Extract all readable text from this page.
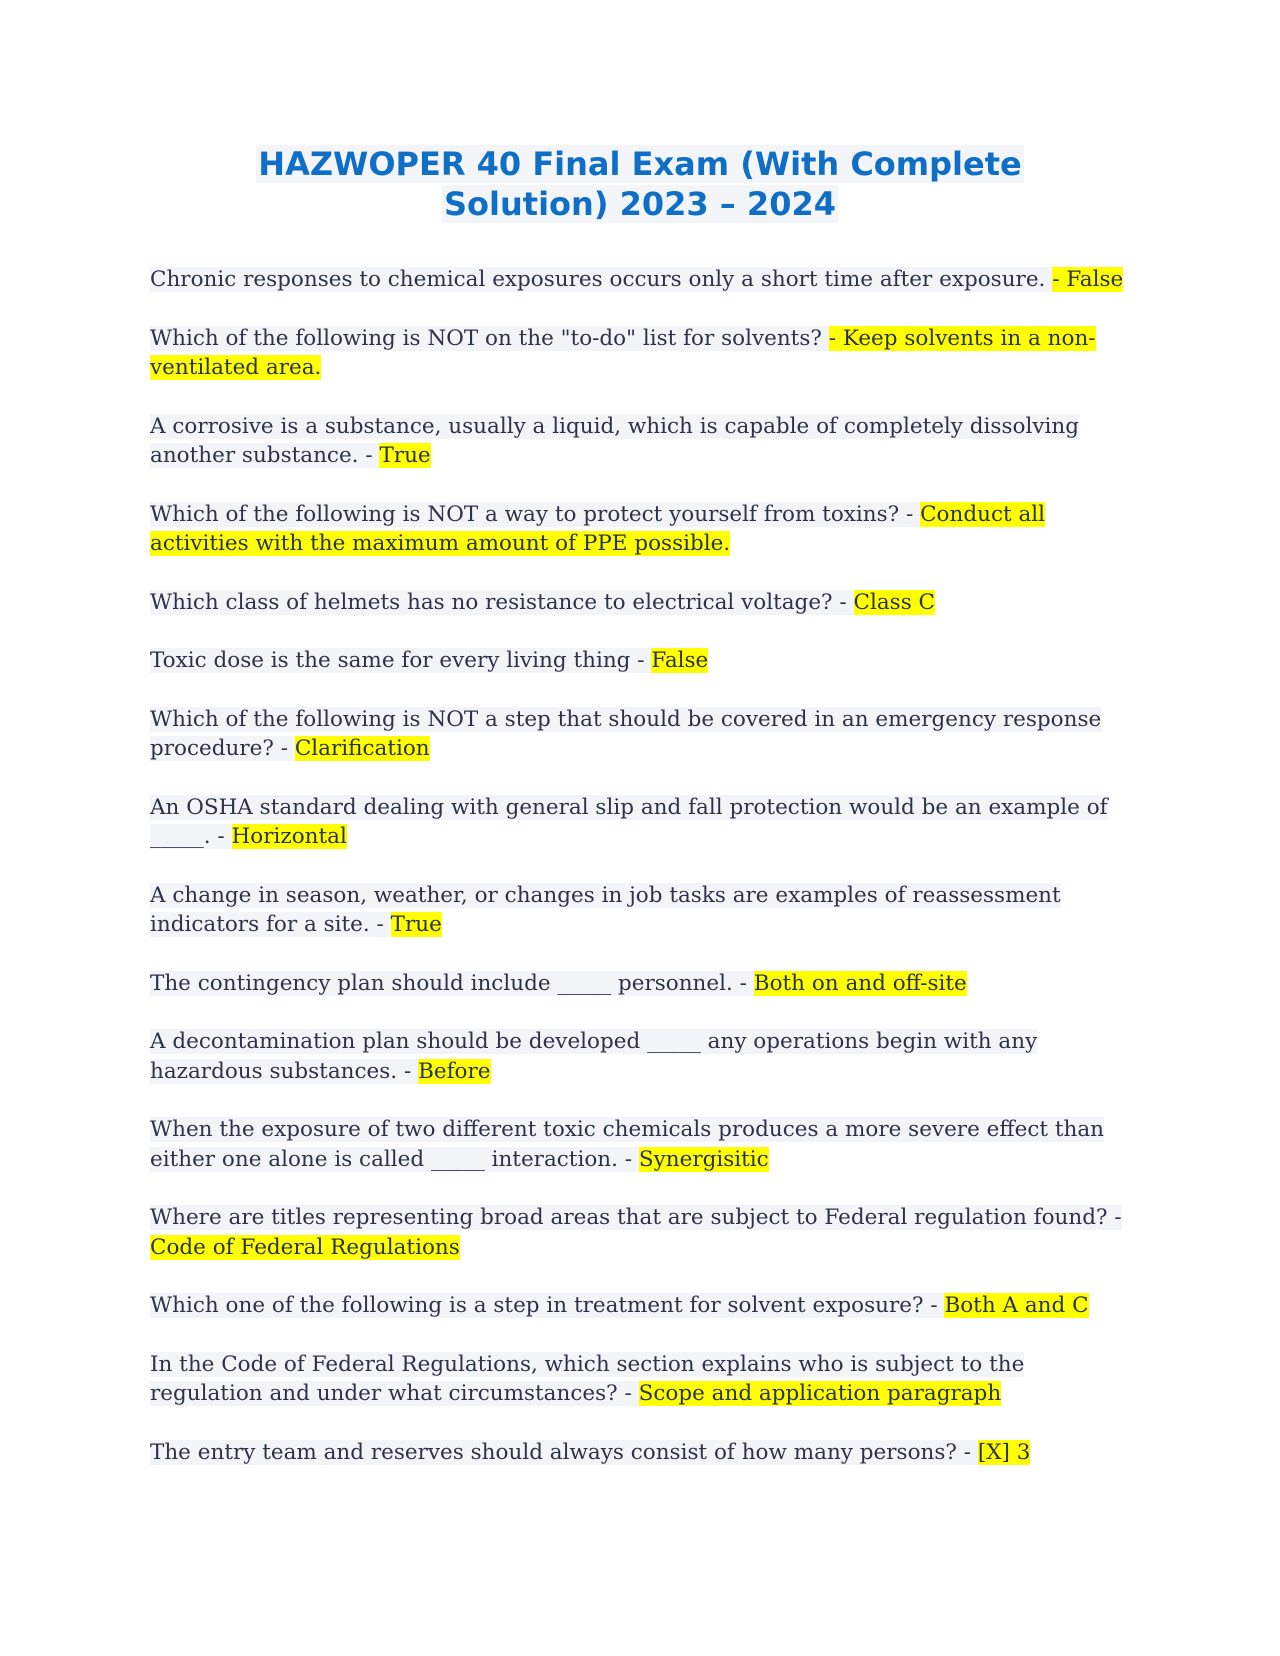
HAZWOPER 40 Final Exam (With Complete
Solution) 2023 – 2024

Chronic responses to chemical exposures occurs only a short time after exposure. - False

Which of the following is NOT on the "to-do" list for solvents? - Keep solvents in a non-ventilated area.

A corrosive is a substance, usually a liquid, which is capable of completely dissolving another substance. - True

Which of the following is NOT a way to protect yourself from toxins? - Conduct all activities with the maximum amount of PPE possible.

Which class of helmets has no resistance to electrical voltage? - Class C

Toxic dose is the same for every living thing - False

Which of the following is NOT a step that should be covered in an emergency response procedure? - Clarification

An OSHA standard dealing with general slip and fall protection would be an example of _____. - Horizontal

A change in season, weather, or changes in job tasks are examples of reassessment indicators for a site. - True

The contingency plan should include _____ personnel. - Both on and off-site

A decontamination plan should be developed _____ any operations begin with any hazardous substances. - Before

When the exposure of two different toxic chemicals produces a more severe effect than either one alone is called _____ interaction. - Synergisitic

Where are titles representing broad areas that are subject to Federal regulation found? - Code of Federal Regulations

Which one of the following is a step in treatment for solvent exposure? - Both A and C

In the Code of Federal Regulations, which section explains who is subject to the regulation and under what circumstances? - Scope and application paragraph

The entry team and reserves should always consist of how many persons? - [X] 3
